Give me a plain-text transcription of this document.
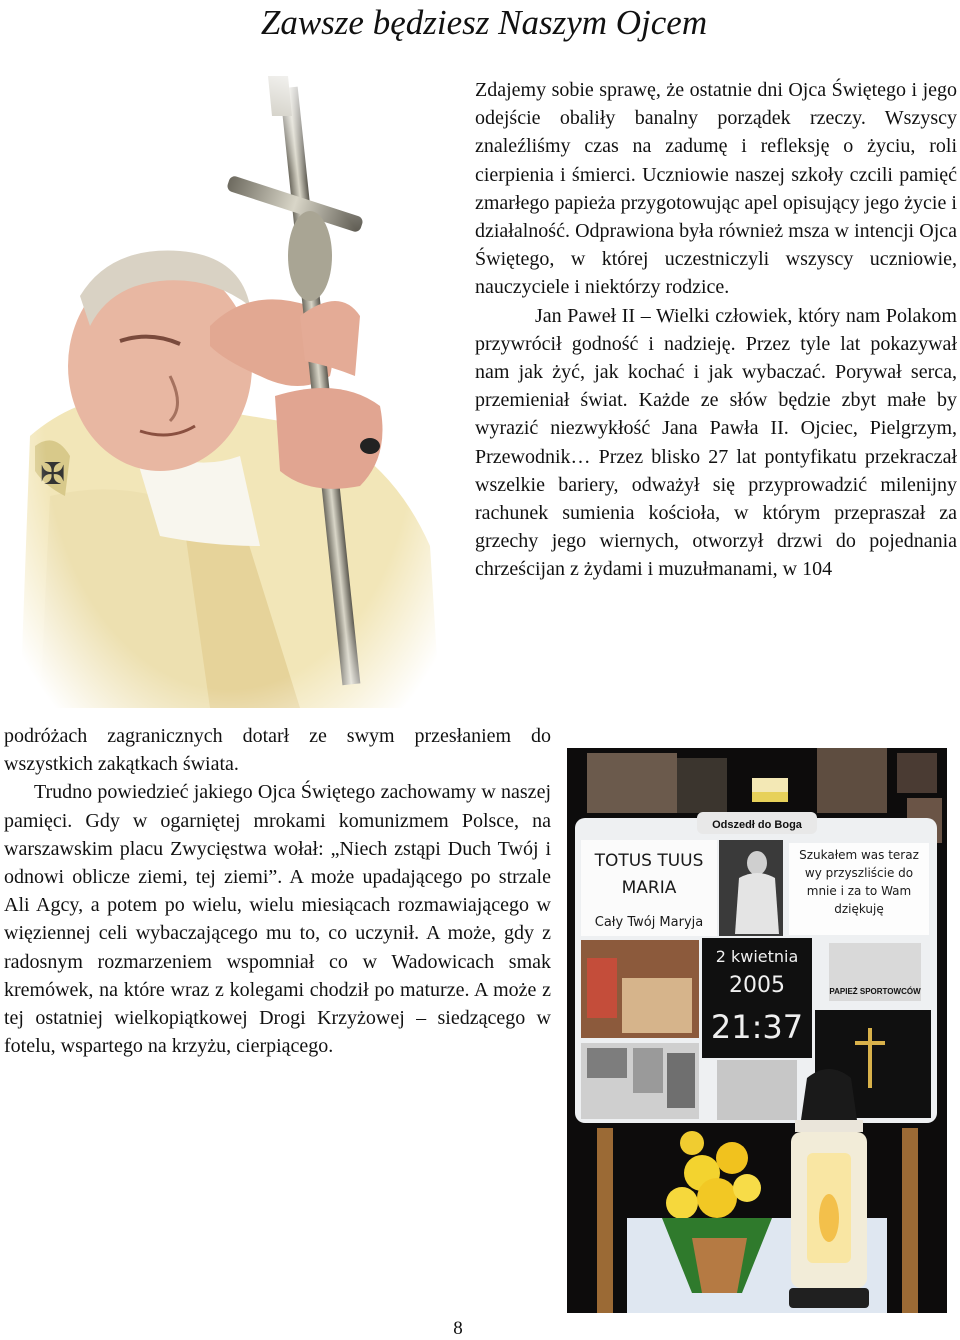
Zawsze będziesz Naszym Ojcem

Zdajemy sobie sprawę, że ostatnie dni Ojca Świętego i jego odejście obaliły banalny porządek rzeczy. Wszyscy znaleźliśmy czas na zadumę i refleksję o życiu, roli cierpienia i śmierci. Uczniowie naszej szkoły czcili pamięć zmarłego papieża przygotowując apel opisujący jego życie i działalność. Odprawiona była również msza w intencji Ojca Świętego, w której uczestniczyli wszyscy uczniowie, nauczyciele i niektórzy rodzice.

Jan Paweł II – Wielki człowiek, który nam Polakom przywrócił godność i nadzieję. Przez tyle lat pokazywał nam jak żyć, jak kochać i jak wybaczać. Porywał serca, przemieniał świat. Każde ze słów będzie zbyt małe by wyrazić niezwykłość Jana Pawła II. Ojciec, Pielgrzym, Przewodnik… Przez blisko 27 lat pontyfikatu przekraczał wszelkie bariery, odważył się przyprowadzić milenijny rachunek sumienia kościoła, w którym przepraszał za grzechy jego wiernych, otworzył drzwi do pojednania chrześcijan z żydami i muzułmanami, w 104

podróżach zagranicznych dotarł ze swym przesłaniem do wszystkich zakątkach świata.

Trudno powiedzieć jakiego Ojca Świętego zachowamy w naszej pamięci. Gdy w ogarniętej mrokami komunizmem Polsce, na warszawskim placu Zwycięstwa wołał: „Niech zstąpi Duch Twój i odnowi oblicze ziemi, tej ziemi”. A może upadającego po strzale Ali Agcy, a potem po wielu, wielu miesiącach rozmawiającego w więziennej celi wybaczającego mu to, co uczynił. A może, gdy z radosnym rozmarzeniem wspomniał co w Wadowicach smak kremówek, na które wraz z kolegami chodził po maturze. A może z tej ostatniej wielkopiątkowej Drogi Krzyżowej – siedzącego w fotelu, wspartego na krzyżu, cierpiącego.

Odszedł do Boga
TOTUS TUUS
MARIA
Cały Twój Maryja
Szukałem was teraz wy przyszliście do mnie i za to Wam dziękuję
2 kwietnia
2005
21:37
PAPIEŻ SPORTOWCÓW
8
